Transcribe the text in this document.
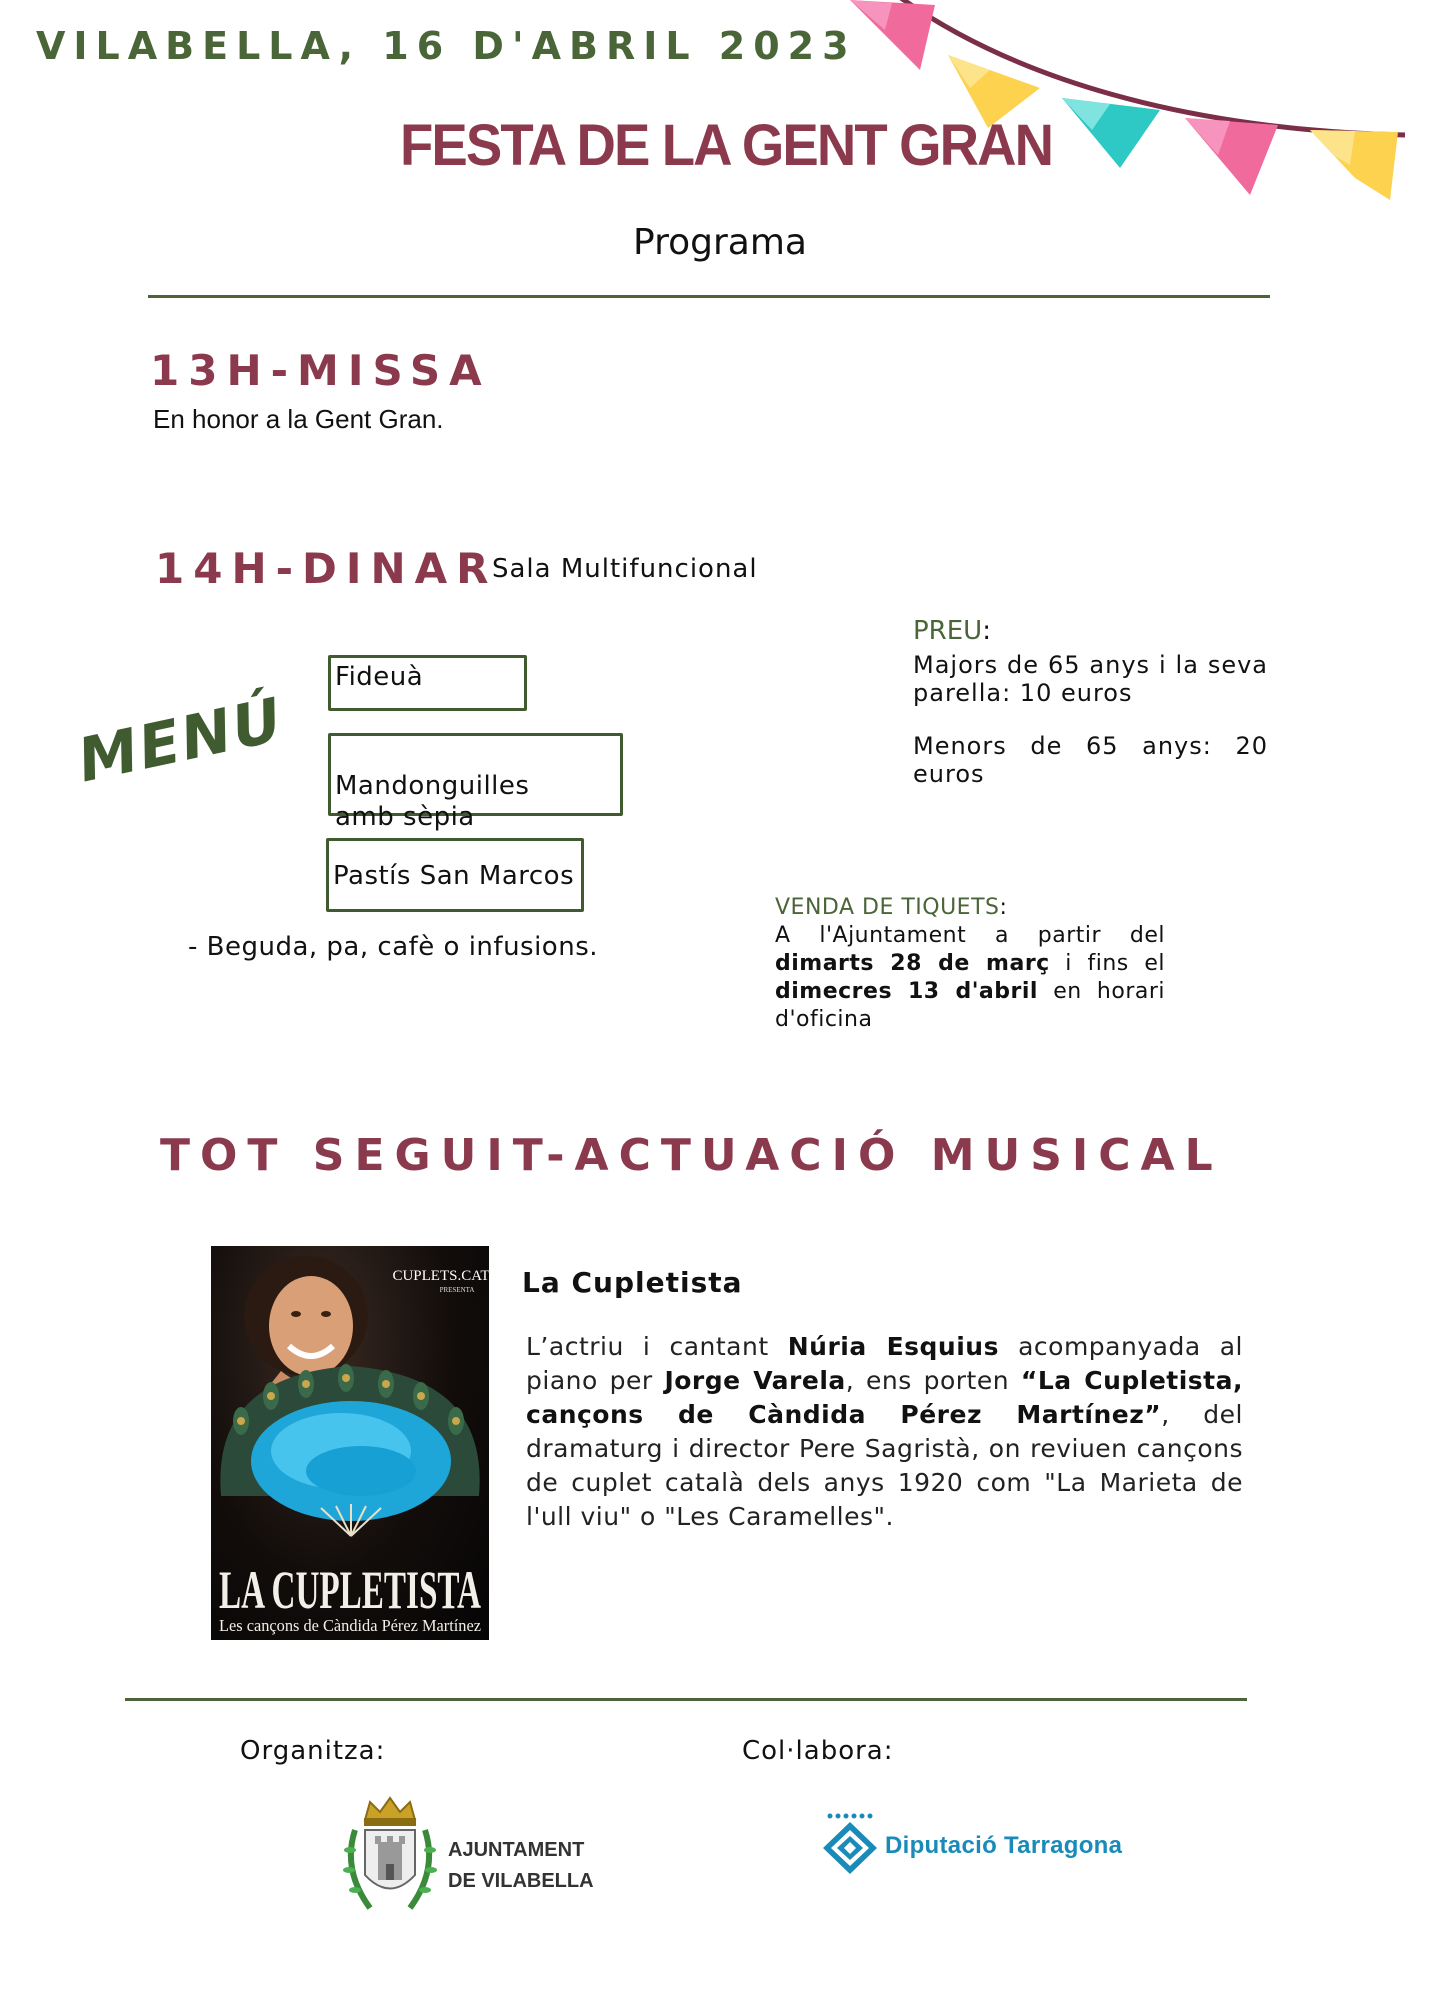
VILABELLA, 16 D'ABRIL 2023
FESTA DE LA GENT GRAN
Programa
13H-MISSA
En honor a la Gent Gran.
14H-DINAR
Sala Multifuncional
MENÚ
Fideuà

Mandonguilles
amb sèpia

Pastís San Marcos
- Beguda, pa, cafè o infusions.
PREU:
Majors de 65 anys i la seva parella: 10 euros
Menors de 65 anys: 20 euros
VENDA DE TIQUETS:
A l'Ajuntament a partir del dimarts 28 de març i fins el dimecres 13 d'abril en horari d'oficina
TOT SEGUIT-ACTUACIÓ MUSICAL
CUPLETS.CAT
PRESENTA
LA CUPLETISTA
Les cançons de Càndida Pérez Martínez
La Cupletista
L’actriu i cantant Núria Esquius acompanyada al piano per Jorge Varela, ens porten “La Cupletista, cançons de Càndida Pérez Martínez”, del dramaturg i director Pere Sagristà, on reviuen cançons de cuplet català dels anys 1920 com "La Marieta de l'ull viu" o "Les Caramelles".
Organitza:	Col·labora:
AJUNTAMENT
DE VILABELLA
Diputació Tarragona
